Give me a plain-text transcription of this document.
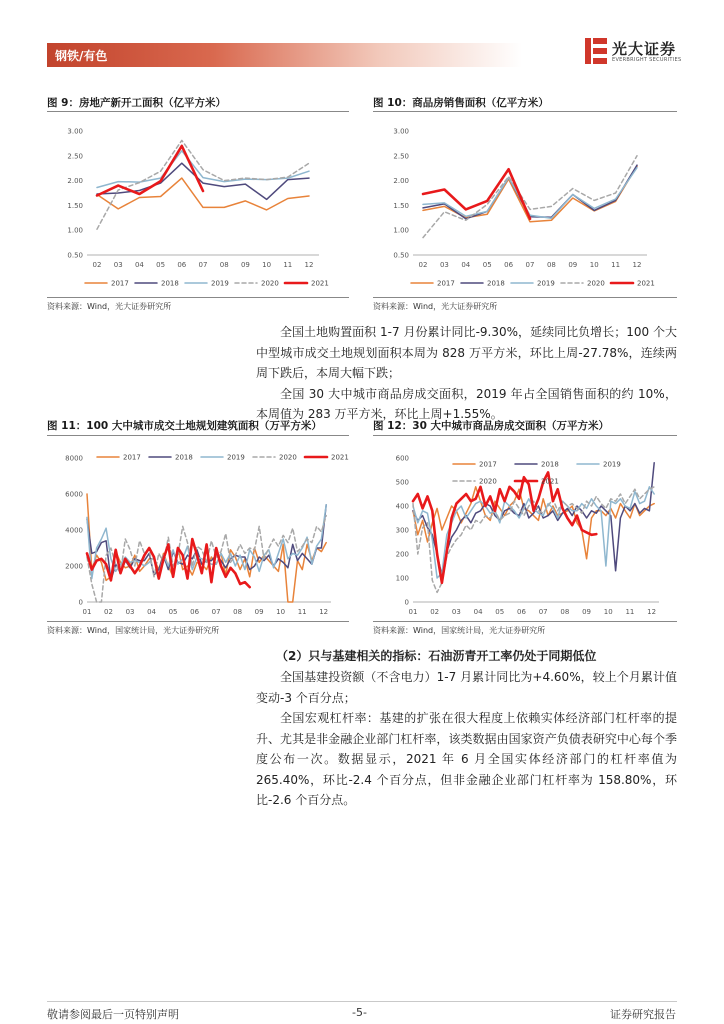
钢铁/有色	光大证券
EVERBRIGHT SECURITIES
图 9：房地产新开工面积（亿平方米）
0.50
1.00
1.50
2.00
2.50
3.00
02 03 04 05 06 07 08 09 10 11 12
2017	2018	2019	2020	2021
资料来源：Wind，光大证券研究所
图 10：商品房销售面积（亿平方米）
0.50
1.00
1.50
2.00
2.50
3.00
02 03 04 05 06 07 08 09 10 11 12
2017	2018	2019	2020	2021
资料来源：Wind，光大证券研究所

全国土地购置面积 1-7 月份累计同比-9.30%，延续同比负增长；100 个大中型城市成交土地规划面积本周为 828 万平方米，环比上周-27.78%，连续两周下跌后，本周大幅下跌；

全国 30 大中城市商品房成交面积，2019 年占全国销售面积的约 10%，本周值为 283 万平方米，环比上周+1.55%。

图 11：100 大中城市成交土地规划建筑面积（万平方米）
0
2000
4000
6000
8000
01 02 03 04 05 06 07 08 09 10 11 12
2017	2018	2019	2020	2021
资料来源：Wind，国家统计局，光大证券研究所
图 12：30 大中城市商品房成交面积（万平方米）
0
100
200
300
400
500
600
01 02 03 04 05 06 07 08 09 10 11 12
2017	2018	2019
2020	2021
资料来源：Wind，国家统计局，光大证券研究所
（2）只与基建相关的指标：石油沥青开工率仍处于同期低位

全国基建投资额（不含电力）1-7 月累计同比为+4.60%，较上个月累计值变动-3 个百分点；

全国宏观杠杆率：基建的扩张在很大程度上依赖实体经济部门杠杆率的提升、尤其是非金融企业部门杠杆率，该类数据由国家资产负债表研究中心每个季度公布一次。数据显示，2021 年 6 月全国实体经济部门的杠杆率值为 265.40%，环比-2.4 个百分点，但非金融企业部门杠杆率为 158.80%，环比-2.6 个百分点。

敬请参阅最后一页特别声明	-5-	证券研究报告
